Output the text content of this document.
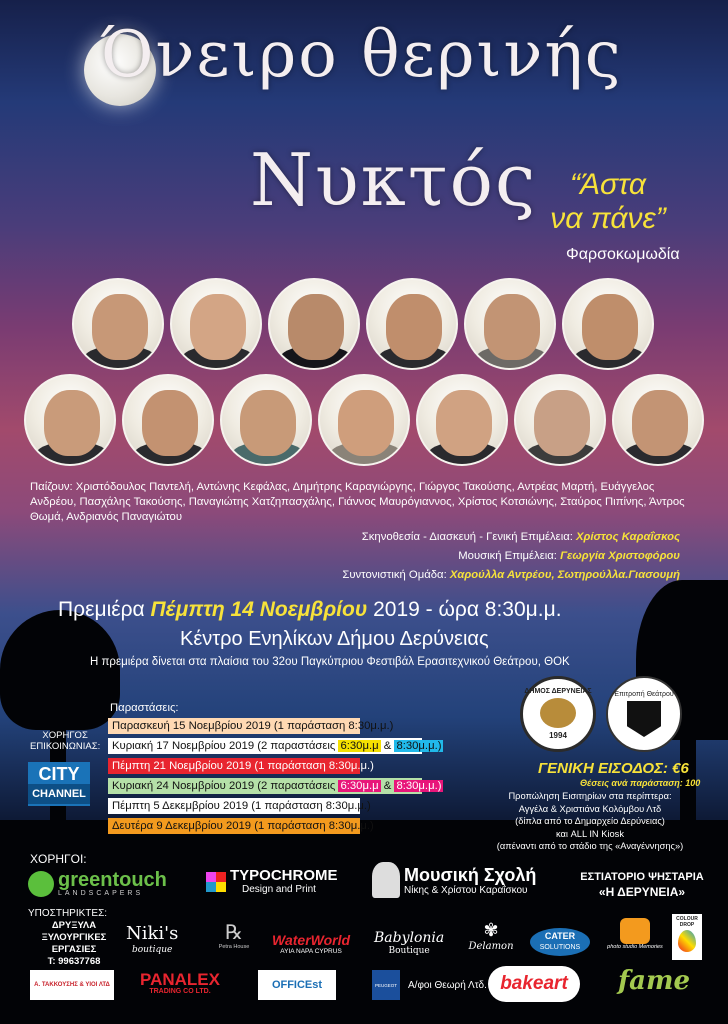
Όνειρο θερινής
Νυκτός	“Άστα
να πάνε”
Φαρσοκωμωδία
Παίζουν: Χριστόδουλος Παντελή, Αντώνης Κεφάλας, Δημήτρης Καραγιώργης, Γιώργος Τακούσης, Αντρέας Μαρτή, Ευάγγελος Ανδρέου, Πασχάλης Τακούσης, Παναγιώτης Χατζηπασχάλης, Γιάννος Μαυρόγιαννος, Χρίστος Κοτσιώνης, Σταύρος Πιπίνης, Άντρος Θωμά, Ανδριανός Παναγιώτου
Σκηνοθεσία - Διασκευή - Γενική Επιμέλεια: Χρίστος Καραΐσκος
Μουσική Επιμέλεια: Γεωργία Χριστοφόρου
Συντονιστική Ομάδα: Χαρούλλα Αντρέου, Σωτηρούλλα.Γιασουμή
Πρεμιέρα Πέμπτη 14 Νοεμβρίου 2019 - ώρα 8:30μ.μ.
Κέντρο Ενηλίκων Δήμου Δερύνειας
Η πρεμιέρα δίνεται στα πλαίσια του 32ου Παγκύπριου Φεστιβάλ Ερασιτεχνικού Θεάτρου, ΘΟΚ
Παραστάσεις:
Παρασκευή 15 Νοεμβρίου 2019 (1 παράσταση 8:30μ.μ.)
Κυριακή 17 Νοεμβρίου 2019 (2 παραστάσεις 6:30μ.μ & 8:30μ.μ.)
Πέμπτη 21 Νοεμβρίου 2019 (1 παράσταση 8:30μ.μ.)
Κυριακή 24 Νοεμβρίου 2019 (2 παραστάσεις 6:30μ.μ & 8:30μ.μ.)
Πέμπτη 5 Δεκεμβρίου 2019 (1 παράσταση 8:30μ.μ.)
Δευτέρα 9 Δεκεμβρίου 2019 (1 παράσταση 8:30μ.μ.)
ΧΟΡΗΓΟΣ
ΕΠΙΚΟΙΝΩΝΙΑΣ:
CITY
CHANNEL
ΔΗΜΟΣ ΔΕΡΥΝΕΙΑΣ
1994
Επιτροπή Θεάτρου
ΓΕΝΙΚΗ ΕΙΣΟΔΟΣ: €6
Θέσεις ανά παράσταση: 100
Προπώληση Εισιτηρίων στα περίπτερα:
Αγγέλα & Χριστιάνα Κολόμβου Λτδ
(δίπλα από το Δημαρχείο Δερύνειας)
και ALL IN Kiosk
(απέναντι από το στάδιο της «Αναγέννησης»)
ΧΟΡΗΓΟΙ:
greentouch
LANDSCAPERS
TYPOCHROME
Design and Print
Μουσική Σχολή
Νίκης & Χρίστου Καραΐσκου
ΕΣΤΙΑΤΟΡΙΟ ΨΗΣΤΑΡΙΑ
«Η ΔΕΡΥΝΕΙΑ»
ΥΠΟΣΤΗΡΙΚΤΕΣ:
ΔΡΥΞΥΛΑ
ΞΥΛΟΥΡΓΙΚΕΣ
ΕΡΓΑΣΙΕΣ
Τ: 99637768
Niki's
boutique
℞
Petra House	WaterWorld
AYIA NAPA CYPRUS
Babylonia
Boutique
✾
Delamon
CATER
SOLUTIONS	photo studio Memories
COLOUR DROP
Α. ΤΑΚΚΟΥΣΗΣ & ΥΙΟΙ ΛΤΔ PANALEX
TRADING CO LTD.
OFFICEst	PEUGEOT Α/φοι Θεωρή Λτδ. bakeart fame
